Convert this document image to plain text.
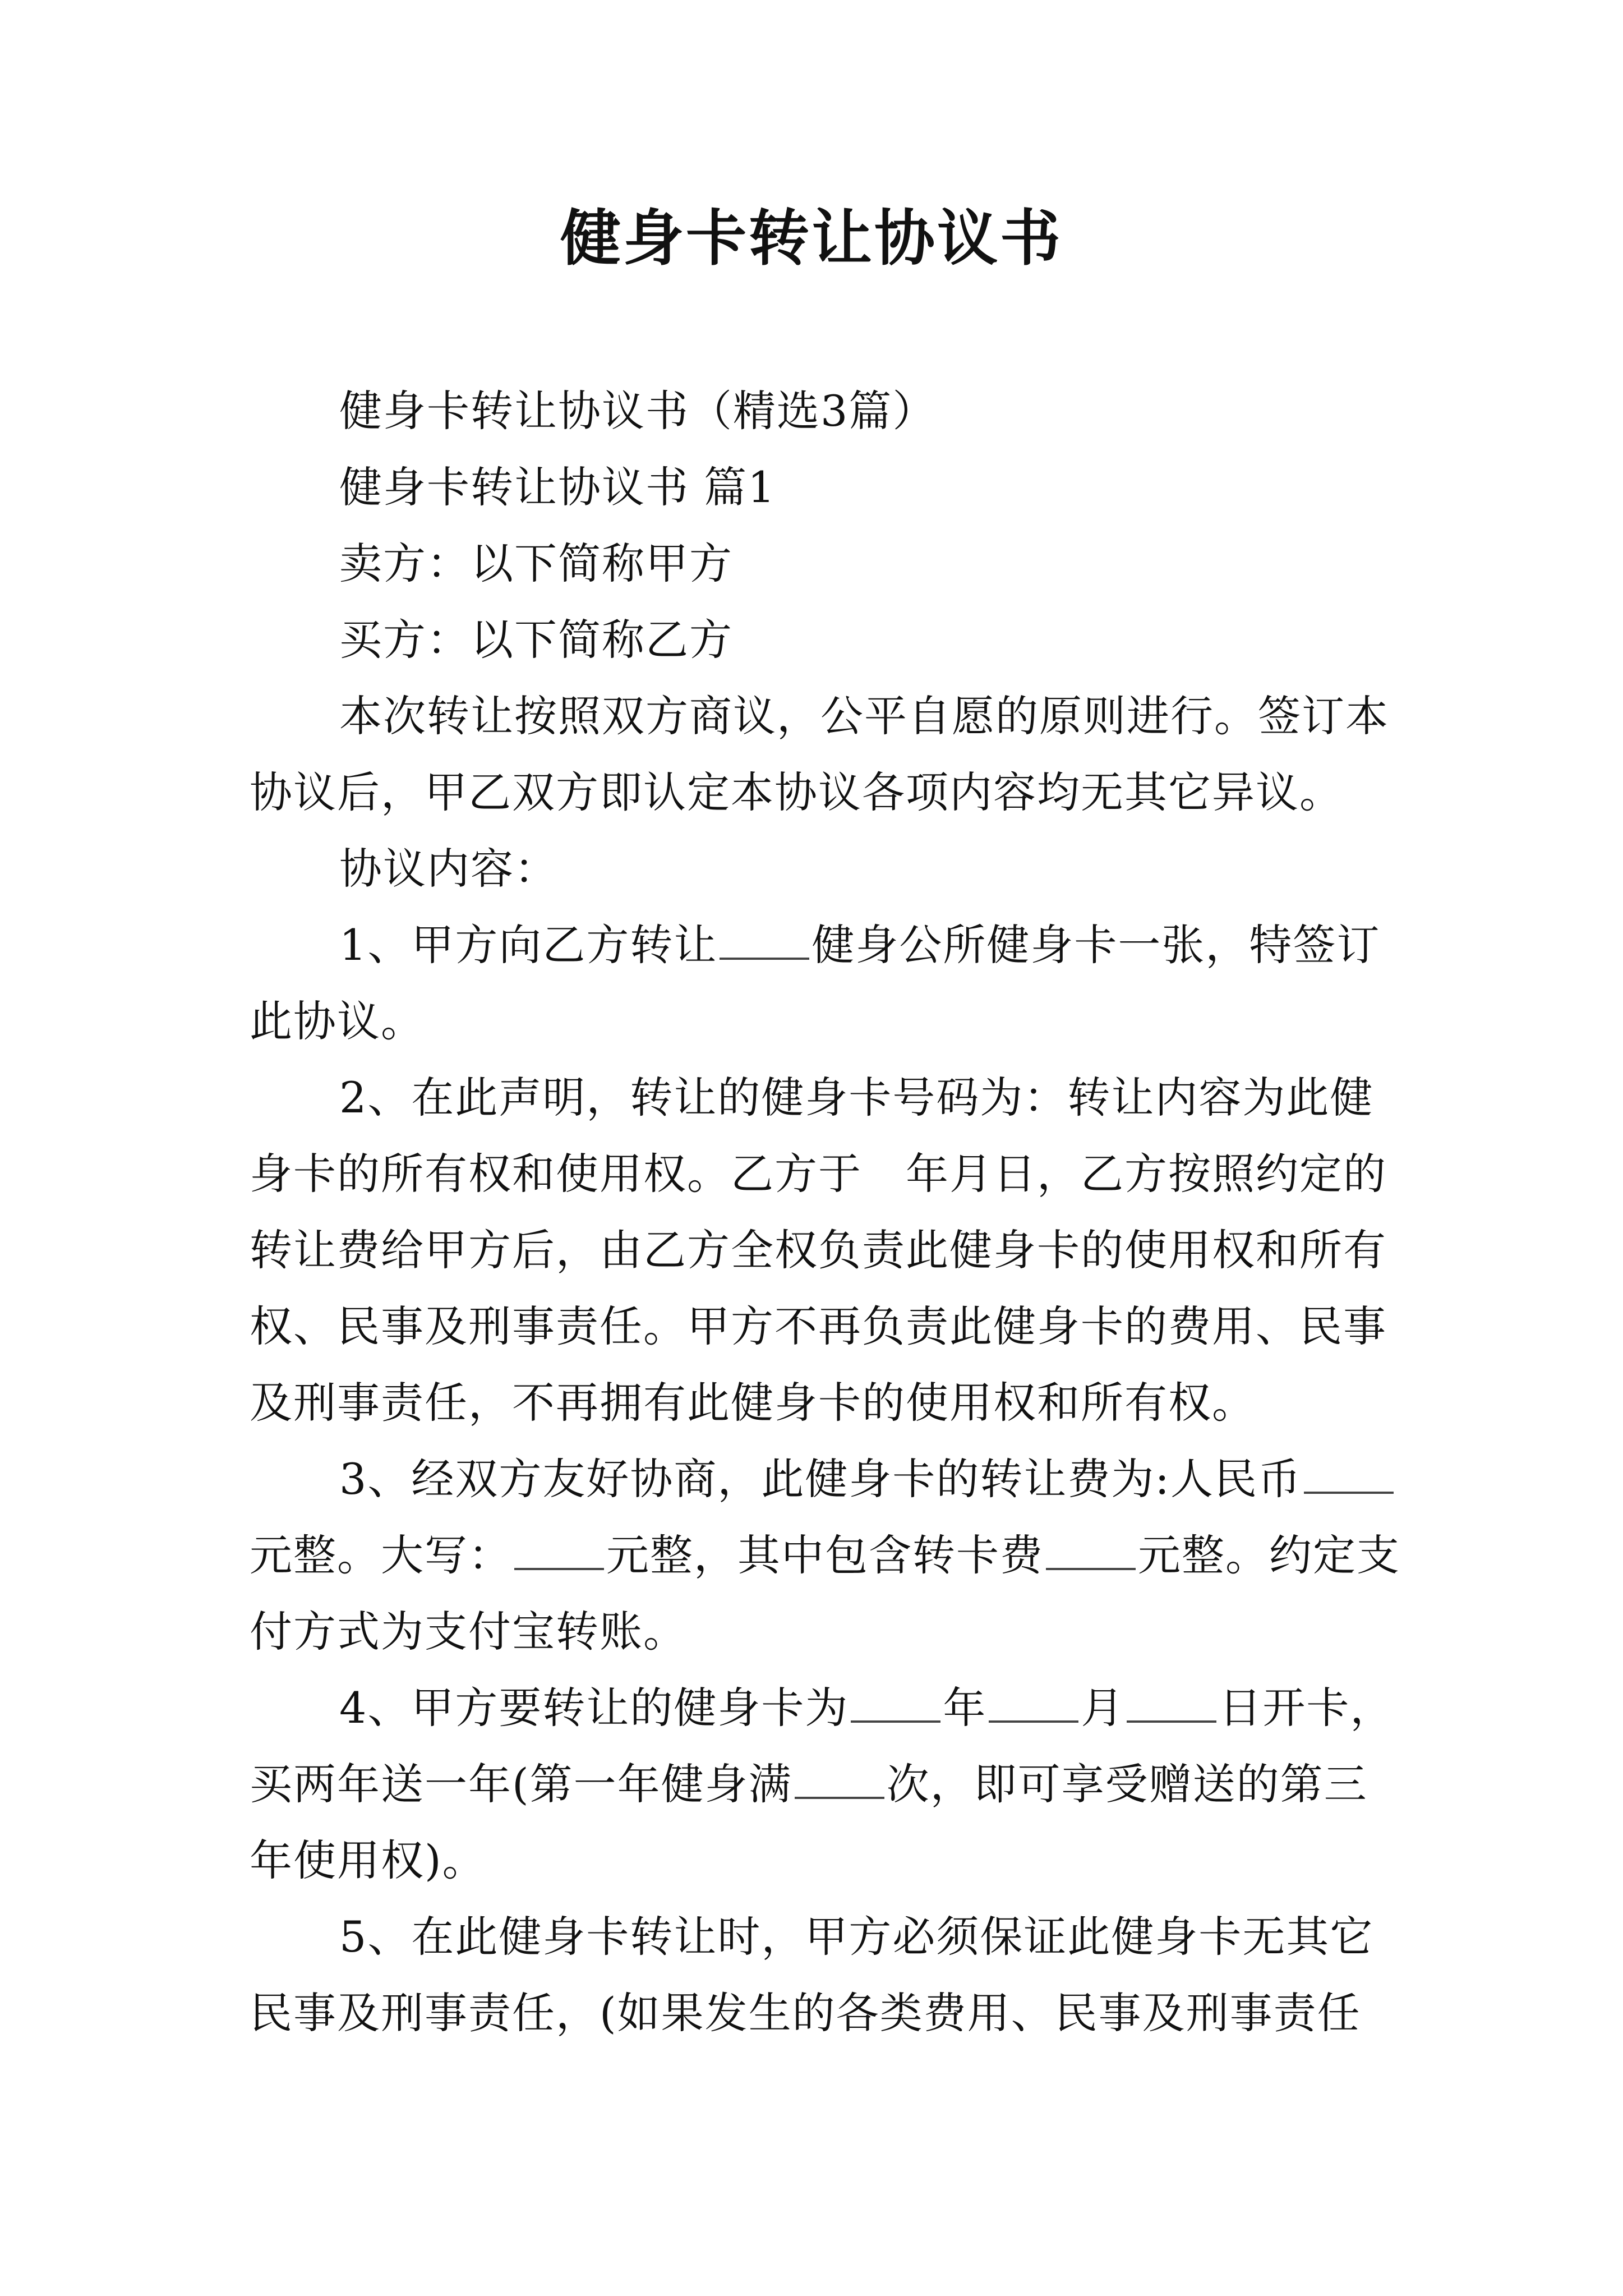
健身卡转让协议书
健身卡转让协议书（精选3篇）
健身卡转让协议书 篇1
卖方：以下简称甲方
买方：以下简称乙方
本次转让按照双方商议，公平自愿的原则进行。签订本
协议后，甲乙双方即认定本协议各项内容均无其它异议。
协议内容：
1、甲方向乙方转让 健身公所健身卡一张，特签订
此协议。
2、在此声明，转让的健身卡号码为：转让内容为此健
身卡的所有权和使用权。乙方于　年月日，乙方按照约定的
转让费给甲方后，由乙方全权负责此健身卡的使用权和所有
权、民事及刑事责任。甲方不再负责此健身卡的费用、民事
及刑事责任，不再拥有此健身卡的使用权和所有权。
3、经双方友好协商，此健身卡的转让费为:人民币
元整。大写： 元整，其中包含转卡费 元整。约定支
付方式为支付宝转账。
4、甲方要转让的健身卡为 年 月 日开卡，
买两年送一年(第一年健身满 次，即可享受赠送的第三
年使用权)。
5、在此健身卡转让时，甲方必须保证此健身卡无其它
民事及刑事责任，(如果发生的各类费用、民事及刑事责任
